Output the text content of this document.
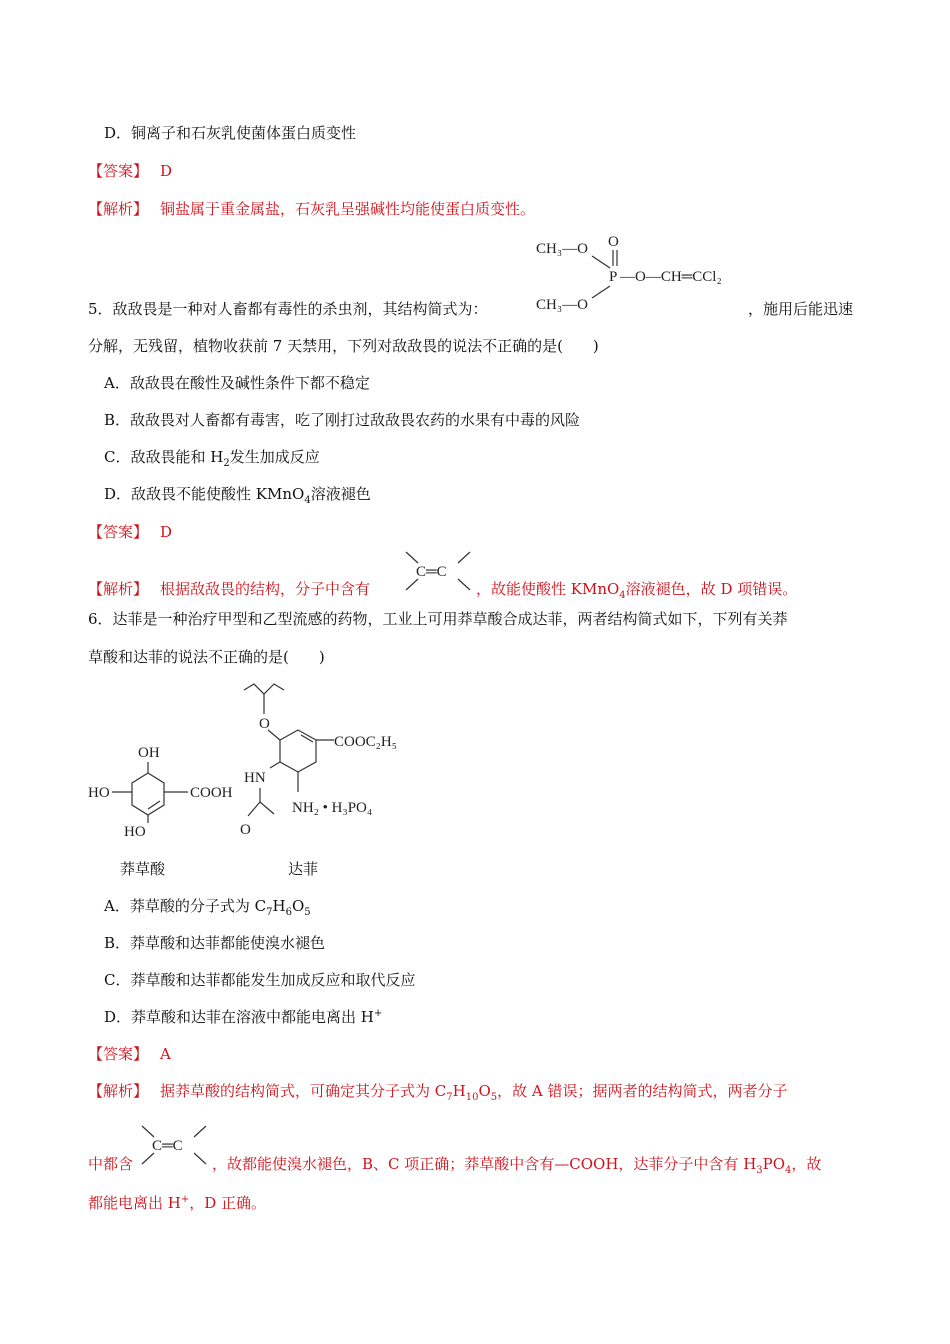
D．铜离子和石灰乳使菌体蛋白质变性
【答案】 D
【解析】 铜盐属于重金属盐，石灰乳呈强碱性均能使蛋白质变性。
CH₃—O O
P —O—CH═CCl₂
CH₃—O
5．敌敌畏是一种对人畜都有毒性的杀虫剂，其结构简式为：	，施用后能迅速
分解，无残留，植物收获前 7 天禁用，下列对敌敌畏的说法不正确的是(　　)
A．敌敌畏在酸性及碱性条件下都不稳定
B．敌敌畏对人畜都有毒害，吃了刚打过敌敌畏农药的水果有中毒的风险
C．敌敌畏能和 $H_2$发生加成反应
D．敌敌畏不能使酸性 KMnO$_4$溶液褪色
【答案】 D
【解析】 根据敌敌畏的结构，分子中含有
C═C
，故能使酸性 KMnO$_4$溶液褪色，故 D 项错误。
6．达菲是一种治疗甲型和乙型流感的药物，工业上可用莽草酸合成达菲，两者结构简式如下，下列有关莽
草酸和达菲的说法不正确的是(　　)
OH
HO	COOH
HO
O
COOC₂H₅
HN
NH₂ • H₃PO₄
O
莽草酸	达菲
A．莽草酸的分子式为 $C_7H_6O_5$
B．莽草酸和达菲都能使溴水褪色
C．莽草酸和达菲都能发生加成反应和取代反应
D．莽草酸和达菲在溶液中都能电离出 H+
【答案】 A
【解析】 据莽草酸的结构简式，可确定其分子式为 $C_7H_{10}O_5$，故 A 错误；据两者的结构简式，两者分子
中都含
C═C
，故都能使溴水褪色，B、C 项正确；莽草酸中含有—COOH，达菲分子中含有 $H_3PO_4$，故
都能电离出 H+，D 正确。
